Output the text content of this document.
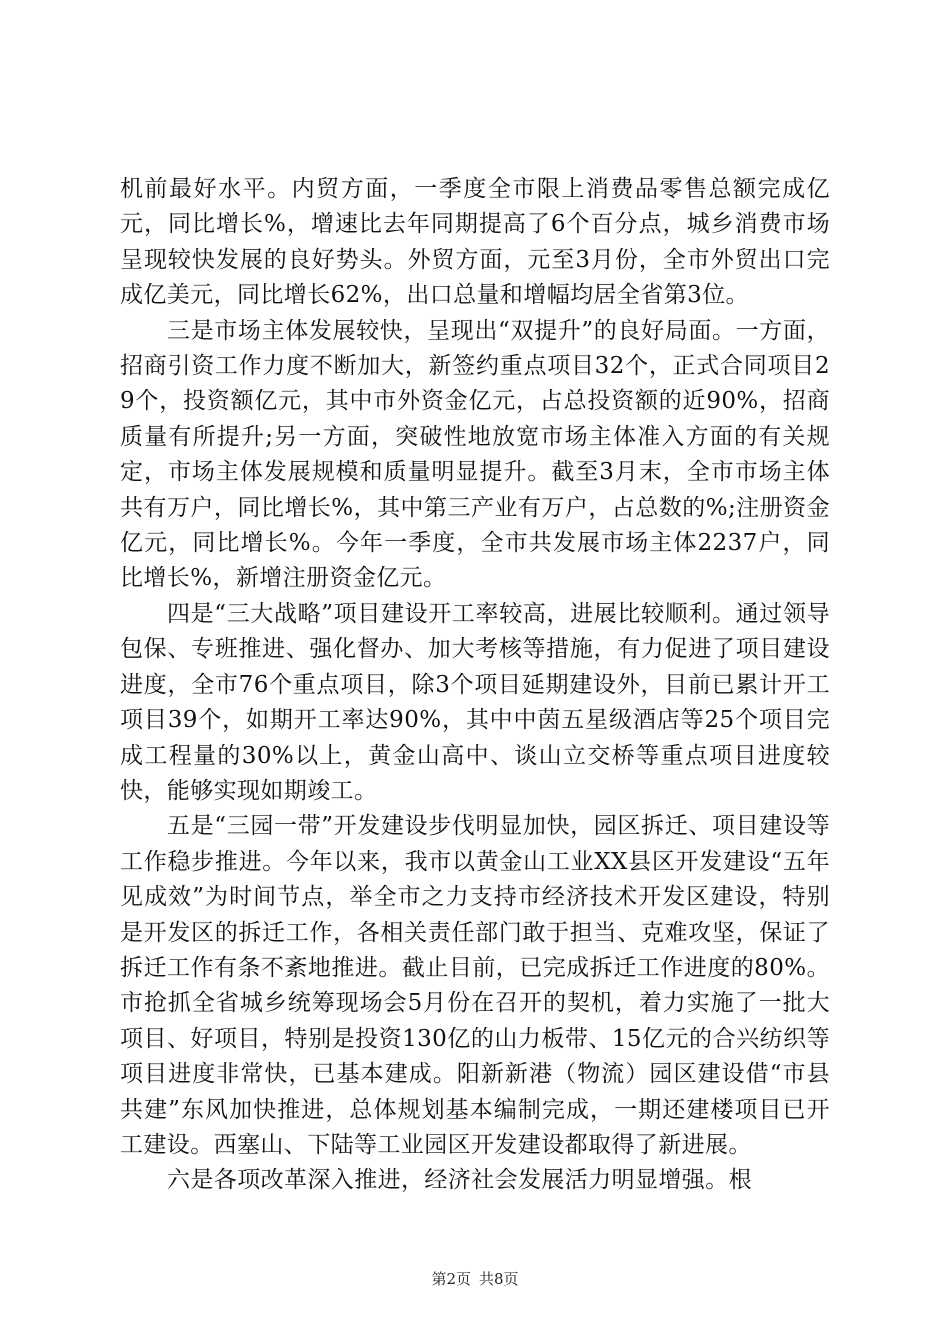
机前最好水平。内贸方面，一季度全市限上消费品零售总额完成亿元，同比增长%，增速比去年同期提高了6个百分点，城乡消费市场呈现较快发展的良好势头。外贸方面，元至3月份，全市外贸出口完成亿美元，同比增长62%，出口总量和增幅均居全省第3位。

三是市场主体发展较快，呈现出“双提升”的良好局面。一方面，招商引资工作力度不断加大，新签约重点项目32个，正式合同项目29个，投资额亿元，其中市外资金亿元，占总投资额的近90%，招商质量有所提升;另一方面，突破性地放宽市场主体准入方面的有关规定，市场主体发展规模和质量明显提升。截至3月末，全市市场主体共有万户，同比增长%，其中第三产业有万户，占总数的%;注册资金亿元，同比增长%。今年一季度，全市共发展市场主体2237户，同比增长%，新增注册资金亿元。

四是“三大战略”项目建设开工率较高，进展比较顺利。通过领导包保、专班推进、强化督办、加大考核等措施，有力促进了项目建设进度，全市76个重点项目，除3个项目延期建设外，目前已累计开工项目39个，如期开工率达90%，其中中茵五星级酒店等25个项目完成工程量的30%以上，黄金山高中、谈山立交桥等重点项目进度较快，能够实现如期竣工。

五是“三园一带”开发建设步伐明显加快，园区拆迁、项目建设等工作稳步推进。今年以来，我市以黄金山工业XX县区开发建设“五年见成效”为时间节点，举全市之力支持市经济技术开发区建设，特别是开发区的拆迁工作，各相关责任部门敢于担当、克难攻坚，保证了拆迁工作有条不紊地推进。截止目前，已完成拆迁工作进度的80%。市抢抓全省城乡统筹现场会5月份在召开的契机，着力实施了一批大项目、好项目，特别是投资130亿的山力板带、15亿元的合兴纺织等项目进度非常快，已基本建成。阳新新港（物流）园区建设借“市县共建”东风加快推进，总体规划基本编制完成，一期还建楼项目已开工建设。西塞山、下陆等工业园区开发建设都取得了新进展。

六是各项改革深入推进，经济社会发展活力明显增强。根

第2页 共8页
